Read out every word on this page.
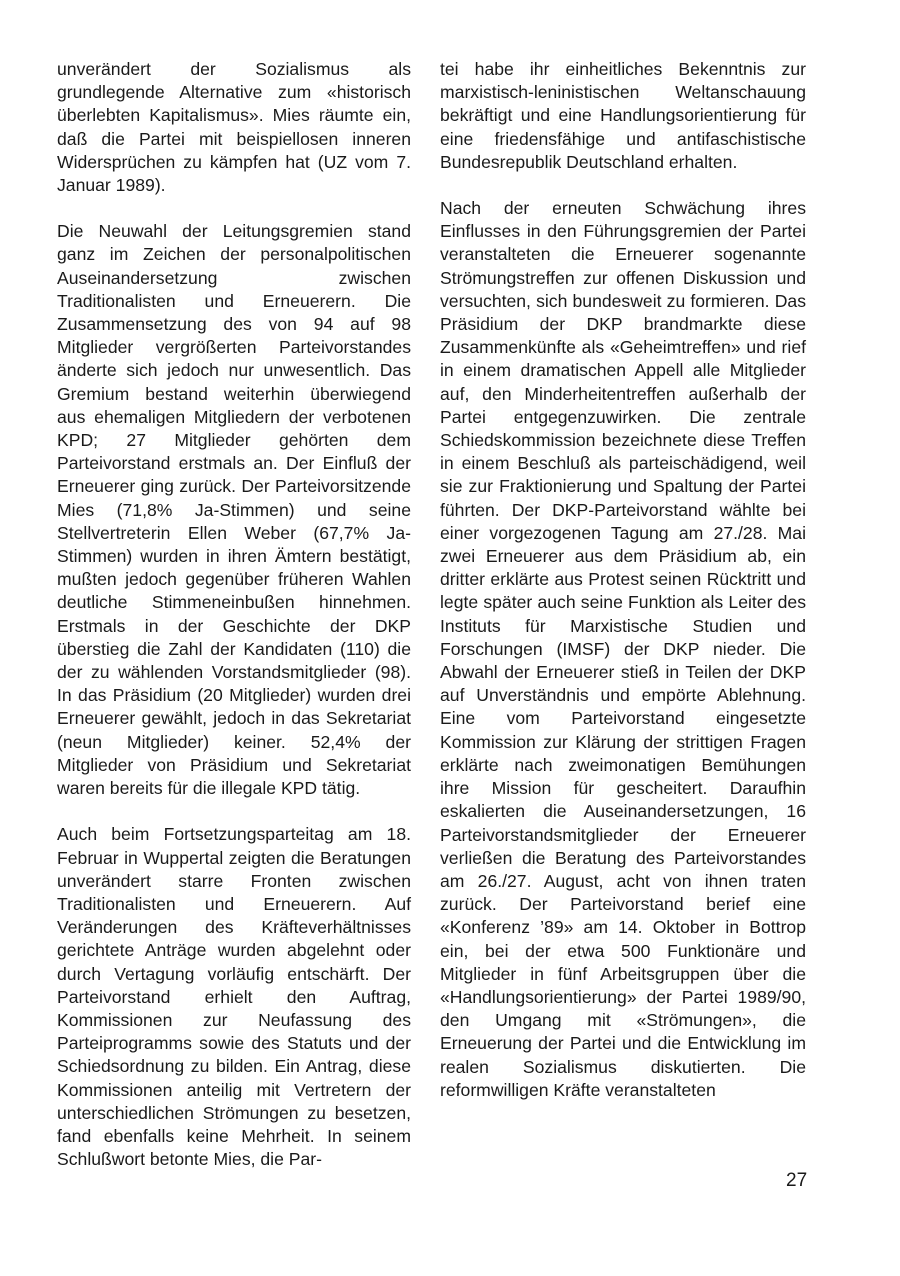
unverändert der Sozialismus als grundlegende Alternative zum «historisch überlebten Kapitalismus». Mies räumte ein, daß die Partei mit beispiellosen inneren Widersprüchen zu kämpfen hat (UZ vom 7. Januar 1989).

Die Neuwahl der Leitungsgremien stand ganz im Zeichen der personalpolitischen Auseinandersetzung zwischen Traditionalisten und Erneuerern. Die Zusammensetzung des von 94 auf 98 Mitglieder vergrößerten Parteivorstandes änderte sich jedoch nur unwesentlich. Das Gremium bestand weiterhin überwiegend aus ehemaligen Mitgliedern der verbotenen KPD; 27 Mitglieder gehörten dem Parteivorstand erstmals an. Der Einfluß der Erneuerer ging zurück. Der Parteivorsitzende Mies (71,8% Ja-Stimmen) und seine Stellvertreterin Ellen Weber (67,7% Ja-Stimmen) wurden in ihren Ämtern bestätigt, mußten jedoch gegenüber früheren Wahlen deutliche Stimmeneinbußen hinnehmen. Erstmals in der Geschichte der DKP überstieg die Zahl der Kandidaten (110) die der zu wählenden Vorstandsmitglieder (98). In das Präsidium (20 Mitglieder) wurden drei Erneuerer gewählt, jedoch in das Sekretariat (neun Mitglieder) keiner. 52,4% der Mitglieder von Präsidium und Sekretariat waren bereits für die illegale KPD tätig.

Auch beim Fortsetzungsparteitag am 18. Februar in Wuppertal zeigten die Beratungen unverändert starre Fronten zwischen Traditionalisten und Erneuerern. Auf Veränderungen des Kräfteverhältnisses gerichtete Anträge wurden abgelehnt oder durch Vertagung vorläufig entschärft. Der Parteivorstand erhielt den Auftrag, Kommissionen zur Neufassung des Parteiprogramms sowie des Statuts und der Schiedsordnung zu bilden. Ein Antrag, diese Kommissionen anteilig mit Vertretern der unterschiedlichen Strömungen zu besetzen, fand ebenfalls keine Mehrheit. In seinem Schlußwort betonte Mies, die Par-

tei habe ihr einheitliches Bekenntnis zur marxistisch-leninistischen Weltanschauung bekräftigt und eine Handlungsorientierung für eine friedensfähige und antifaschistische Bundesrepublik Deutschland erhalten.

Nach der erneuten Schwächung ihres Einflusses in den Führungsgremien der Partei veranstalteten die Erneuerer sogenannte Strömungstreffen zur offenen Diskussion und versuchten, sich bundesweit zu formieren. Das Präsidium der DKP brandmarkte diese Zusammenkünfte als «Geheimtreffen» und rief in einem dramatischen Appell alle Mitglieder auf, den Minderheitentreffen außerhalb der Partei entgegenzuwirken. Die zentrale Schiedskommission bezeichnete diese Treffen in einem Beschluß als parteischädigend, weil sie zur Fraktionierung und Spaltung der Partei führten. Der DKP-Parteivorstand wählte bei einer vorgezogenen Tagung am 27./28. Mai zwei Erneuerer aus dem Präsidium ab, ein dritter erklärte aus Protest seinen Rücktritt und legte später auch seine Funktion als Leiter des Instituts für Marxistische Studien und Forschungen (IMSF) der DKP nieder. Die Abwahl der Erneuerer stieß in Teilen der DKP auf Unverständnis und empörte Ablehnung. Eine vom Parteivorstand eingesetzte Kommission zur Klärung der strittigen Fragen erklärte nach zweimonatigen Bemühungen ihre Mission für gescheitert. Daraufhin eskalierten die Auseinandersetzungen, 16 Parteivorstandsmitglieder der Erneuerer verließen die Beratung des Parteivorstandes am 26./27. August, acht von ihnen traten zurück. Der Parteivorstand berief eine «Konferenz ’89» am 14. Oktober in Bottrop ein, bei der etwa 500 Funktionäre und Mitglieder in fünf Arbeitsgruppen über die «Handlungsorientierung» der Partei 1989/90, den Umgang mit «Strömungen», die Erneuerung der Partei und die Entwicklung im realen Sozialismus diskutierten. Die reformwilligen Kräfte veranstalteten

27
